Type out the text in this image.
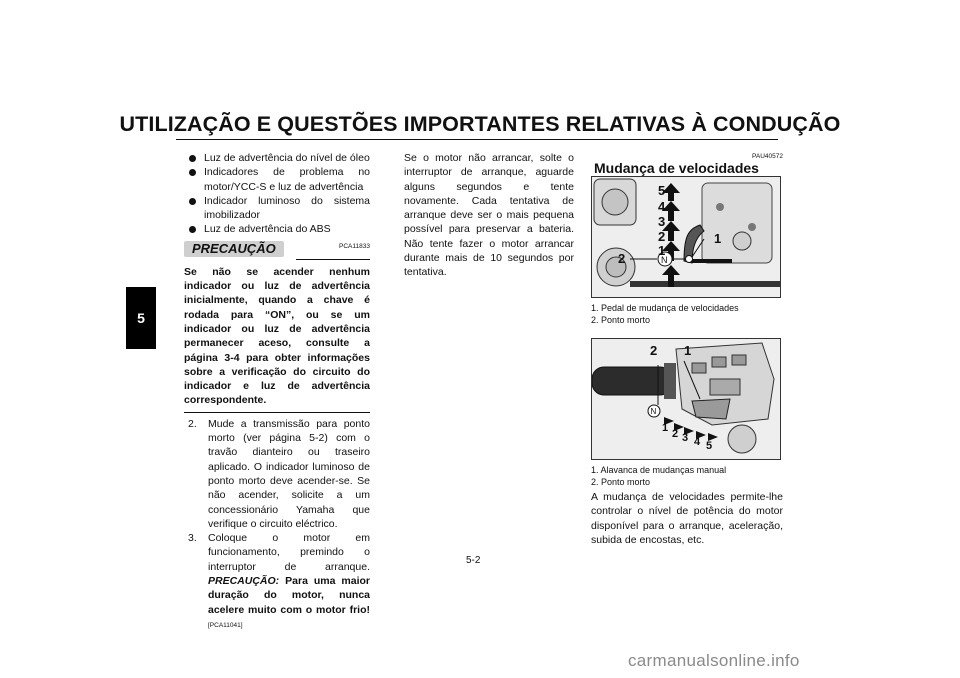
UTILIZAÇÃO E QUESTÕES IMPORTANTES RELATIVAS À CONDUÇÃO
5
Luz de advertência do nível de óleo
Indicadores de problema no motor/YCC-S e luz de advertência
Indicador luminoso do sistema imobilizador
Luz de advertência do ABS
PRECAUÇÃO	PCA11833
Se não se acender nenhum indicador ou luz de advertência inicialmente, quando a chave é rodada para “ON”, ou se um indicador ou luz de advertência permanecer aceso, consulte a página 3-4 para obter informações sobre a verificação do circuito do indicador e luz de advertência correspondente.
2. Mude a transmissão para ponto morto (ver página 5-2) com o travão dianteiro ou traseiro aplicado. O indicador luminoso de ponto morto deve acender-se. Se não acender, solicite a um concessionário Yamaha que verifique o circuito eléctrico.
3. Coloque o motor em funcionamento, premindo o interruptor de arranque. PRECAUÇÃO: Para uma maior duração do motor, nunca acelere muito com o motor frio! [PCA11041]
Se o motor não arrancar, solte o interruptor de arranque, aguarde alguns segundos e tente novamente. Cada tentativa de arranque deve ser o mais pequena possível para preservar a bateria. Não tente fazer o motor arrancar durante mais de 10 segundos por tentativa.
PAU40572
Mudança de velocidades
5
4
3
2
1
N
1
2
1. Pedal de mudança de velocidades
2. Ponto morto
2 1
N
1 2 3 4 5
1. Alavanca de mudanças manual
2. Ponto morto
A mudança de velocidades permite-lhe controlar o nível de potência do motor disponível para o arranque, aceleração, subida de encostas, etc.
5-2
carmanualsonline.info
